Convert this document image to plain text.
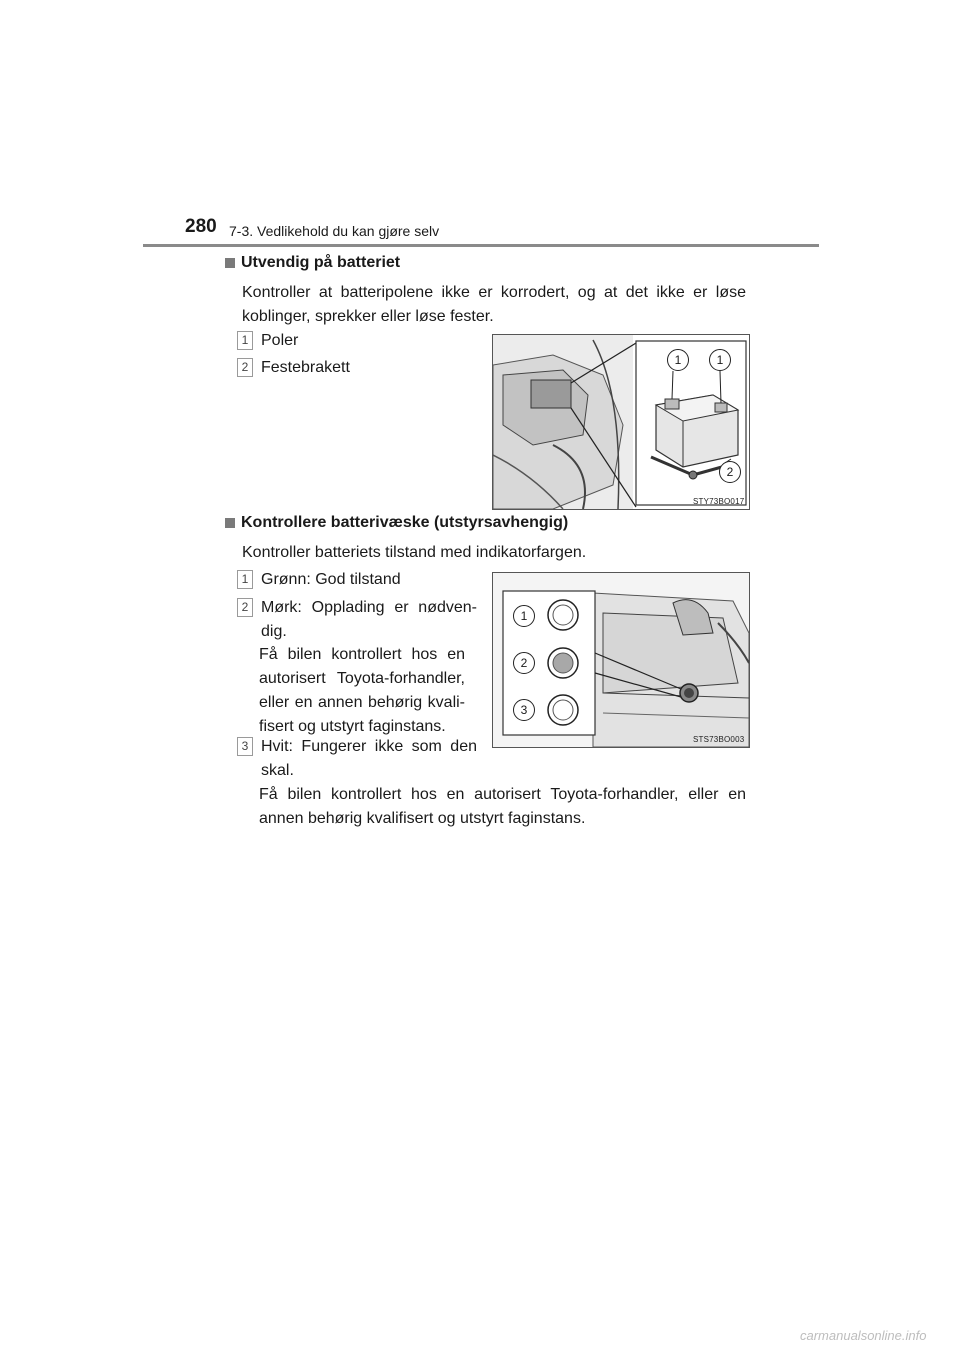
280 7-3. Vedlikehold du kan gjøre selv
Utvendig på batteriet
Kontroller at batteripolene ikke er korrodert, og at det ikke er løse koblinger, sprekker eller løse fester.
1 Poler
2 Festebrakett	1	1
2
STY73BO017
Kontrollere batterivæske (utstyrsavhengig)
Kontroller batteriets tilstand med indikatorfargen.
1 Grønn: God tilstand
2 Mørk: Opplading er nødven-dig.
Få bilen kontrollert hos en autorisert Toyota-forhandler, eller en annen behørig kvali-fisert og utstyrt faginstans.
3 Hvit: Fungerer ikke som den skal.
Få bilen kontrollert hos en autorisert Toyota-forhandler, eller en annen behørig kvalifisert og utstyrt faginstans.
1
2
3
STS73BO003
carmanualsonline.info
